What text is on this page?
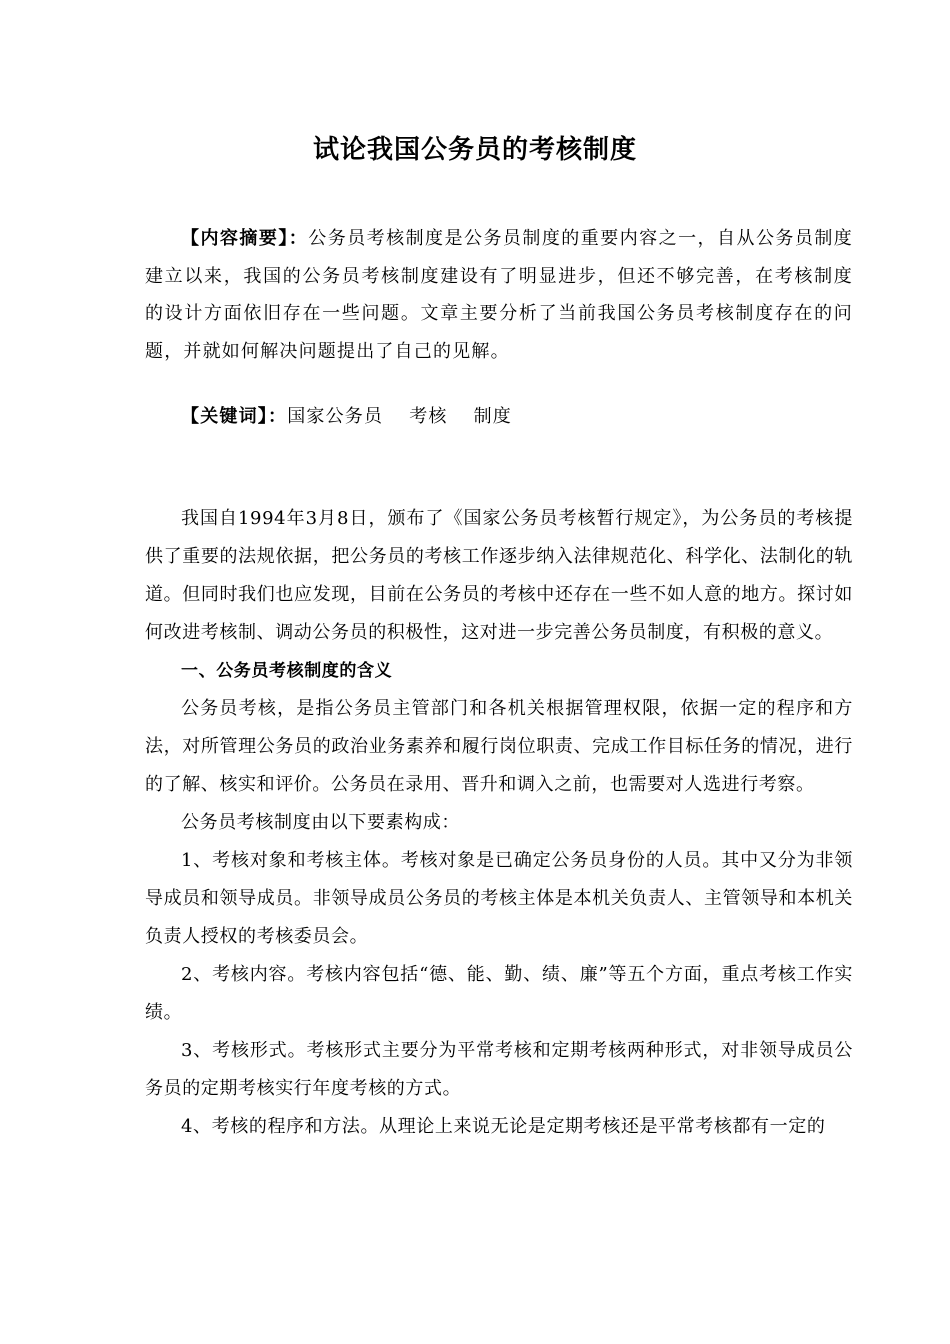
试论我国公务员的考核制度
【内容摘要】：公务员考核制度是公务员制度的重要内容之一，自从公务员制度建立以来，我国的公务员考核制度建设有了明显进步，但还不够完善，在考核制度的设计方面依旧存在一些问题。文章主要分析了当前我国公务员考核制度存在的问题，并就如何解决问题提出了自己的见解。
【关键词】：国家公务员 考核 制度

我国自1994年3月8日，颁布了《国家公务员考核暂行规定》，为公务员的考核提供了重要的法规依据，把公务员的考核工作逐步纳入法律规范化、科学化、法制化的轨道。但同时我们也应发现，目前在公务员的考核中还存在一些不如人意的地方。探讨如何改进考核制、调动公务员的积极性，这对进一步完善公务员制度，有积极的意义。

一、公务员考核制度的含义

公务员考核，是指公务员主管部门和各机关根据管理权限，依据一定的程序和方法，对所管理公务员的政治业务素养和履行岗位职责、完成工作目标任务的情况，进行的了解、核实和评价。公务员在录用、晋升和调入之前，也需要对人选进行考察。

公务员考核制度由以下要素构成：

1、考核对象和考核主体。考核对象是已确定公务员身份的人员。其中又分为非领导成员和领导成员。非领导成员公务员的考核主体是本机关负责人、主管领导和本机关负责人授权的考核委员会。

2、考核内容。考核内容包括“德、能、勤、绩、廉”等五个方面，重点考核工作实绩。

3、考核形式。考核形式主要分为平常考核和定期考核两种形式，对非领导成员公务员的定期考核实行年度考核的方式。

4、考核的程序和方法。从理论上来说无论是定期考核还是平常考核都有一定的
